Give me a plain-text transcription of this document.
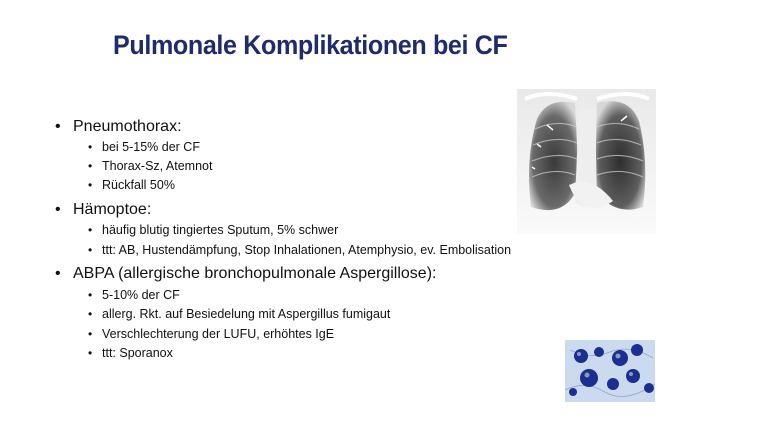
Pulmonale Komplikationen bei CF
• Pneumothorax:
• bei 5-15% der CF
• Thorax-Sz, Atemnot
• Rückfall 50%
• Hämoptoe:
• häufig blutig tingiertes Sputum, 5% schwer
• ttt: AB, Hustendämpfung, Stop Inhalationen, Atemphysio, ev. Embolisation
• ABPA (allergische bronchopulmonale Aspergillose):
• 5-10% der CF
• allerg. Rkt. auf Besiedelung mit Aspergillus fumigaut
• Verschlechterung der LUFU, erhöhtes IgE
• ttt: Sporanox
